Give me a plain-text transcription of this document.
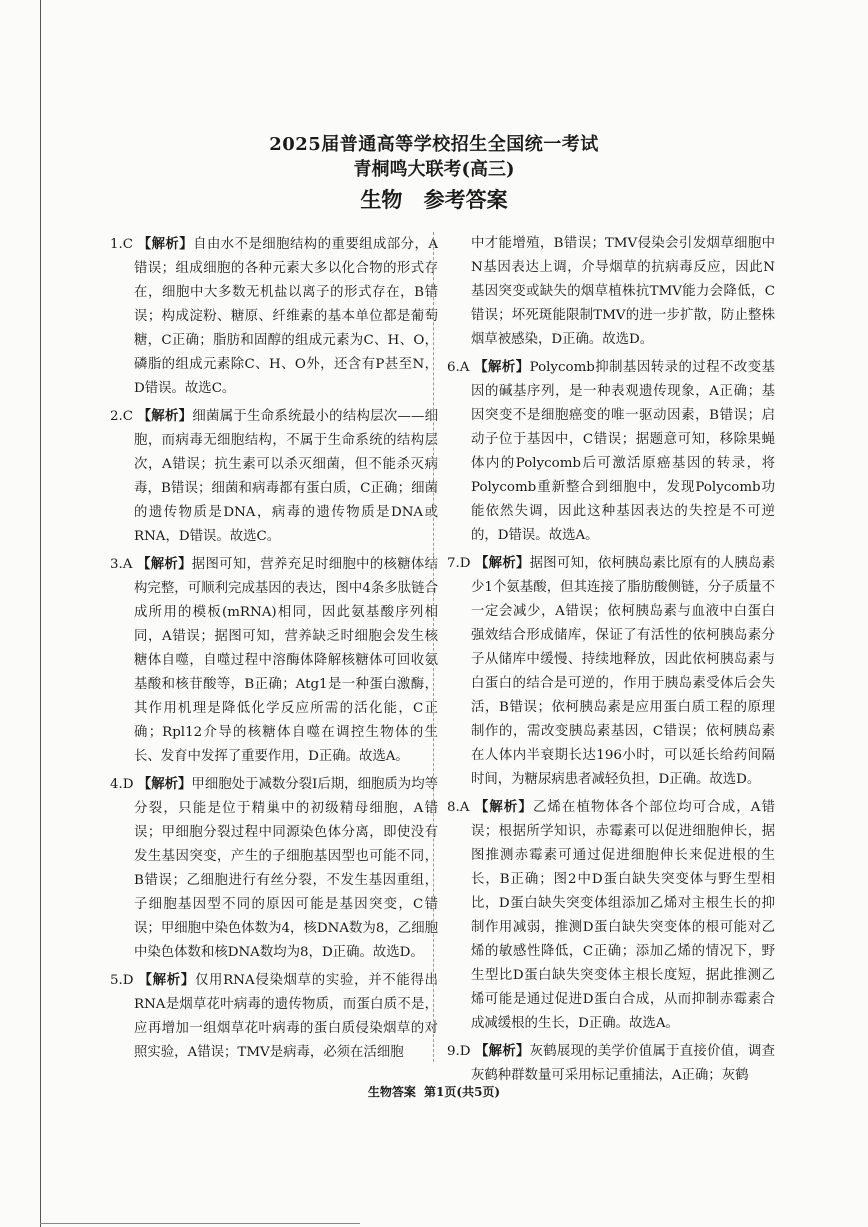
2025届普通高等学校招生全国统一考试
青桐鸣大联考(高三)
生物 参考答案

1.C 【解析】自由水不是细胞结构的重要组成部分，A错误；组成细胞的各种元素大多以化合物的形式存在，细胞中大多数无机盐以离子的形式存在，B错误；构成淀粉、糖原、纤维素的基本单位都是葡萄糖，C正确；脂肪和固醇的组成元素为C、H、O，磷脂的组成元素除C、H、O外，还含有P甚至N，D错误。故选C。

2.C 【解析】细菌属于生命系统最小的结构层次——细胞，而病毒无细胞结构，不属于生命系统的结构层次，A错误；抗生素可以杀灭细菌，但不能杀灭病毒，B错误；细菌和病毒都有蛋白质，C正确；细菌的遗传物质是DNA，病毒的遗传物质是DNA或RNA，D错误。故选C。

3.A 【解析】据图可知，营养充足时细胞中的核糖体结构完整，可顺利完成基因的表达，图中4条多肽链合成所用的模板(mRNA)相同，因此氨基酸序列相同，A错误；据图可知，营养缺乏时细胞会发生核糖体自噬，自噬过程中溶酶体降解核糖体可回收氨基酸和核苷酸等，B正确；Atg1是一种蛋白激酶，其作用机理是降低化学反应所需的活化能，C正确；Rpl12介导的核糖体自噬在调控生物体的生长、发育中发挥了重要作用，D正确。故选A。

4.D 【解析】甲细胞处于减数分裂Ⅰ后期，细胞质为均等分裂，只能是位于精巢中的初级精母细胞，A错误；甲细胞分裂过程中同源染色体分离，即使没有发生基因突变，产生的子细胞基因型也可能不同，B错误；乙细胞进行有丝分裂，不发生基因重组，子细胞基因型不同的原因可能是基因突变，C错误；甲细胞中染色体数为4，核DNA数为8，乙细胞中染色体数和核DNA数均为8，D正确。故选D。

5.D 【解析】仅用RNA侵染烟草的实验，并不能得出RNA是烟草花叶病毒的遗传物质，而蛋白质不是，应再增加一组烟草花叶病毒的蛋白质侵染烟草的对照实验，A错误；TMV是病毒，必须在活细胞

中才能增殖，B错误；TMV侵染会引发烟草细胞中N基因表达上调，介导烟草的抗病毒反应，因此N基因突变或缺失的烟草植株抗TMV能力会降低，C错误；坏死斑能限制TMV的进一步扩散，防止整株烟草被感染，D正确。故选D。

6.A 【解析】Polycomb抑制基因转录的过程不改变基因的碱基序列，是一种表观遗传现象，A正确；基因突变不是细胞癌变的唯一驱动因素，B错误；启动子位于基因中，C错误；据题意可知，移除果蝇体内的Polycomb后可激活原癌基因的转录，将Polycomb重新整合到细胞中，发现Polycomb功能依然失调，因此这种基因表达的失控是不可逆的，D错误。故选A。

7.D 【解析】据图可知，依柯胰岛素比原有的人胰岛素少1个氨基酸，但其连接了脂肪酸侧链，分子质量不一定会减少，A错误；依柯胰岛素与血液中白蛋白强效结合形成储库，保证了有活性的依柯胰岛素分子从储库中缓慢、持续地释放，因此依柯胰岛素与白蛋白的结合是可逆的，作用于胰岛素受体后会失活，B错误；依柯胰岛素是应用蛋白质工程的原理制作的，需改变胰岛素基因，C错误；依柯胰岛素在人体内半衰期长达196小时，可以延长给药间隔时间，为糖尿病患者减轻负担，D正确。故选D。

8.A 【解析】乙烯在植物体各个部位均可合成，A错误；根据所学知识，赤霉素可以促进细胞伸长，据图推测赤霉素可通过促进细胞伸长来促进根的生长，B正确；图2中D蛋白缺失突变体与野生型相比，D蛋白缺失突变体组添加乙烯对主根生长的抑制作用减弱，推测D蛋白缺失突变体的根可能对乙烯的敏感性降低，C正确；添加乙烯的情况下，野生型比D蛋白缺失突变体主根长度短，据此推测乙烯可能是通过促进D蛋白合成，从而抑制赤霉素合成减缓根的生长，D正确。故选A。

9.D 【解析】灰鹤展现的美学价值属于直接价值，调查灰鹤种群数量可采用标记重捕法，A正确；灰鹤

生物答案 第1页(共5页)
